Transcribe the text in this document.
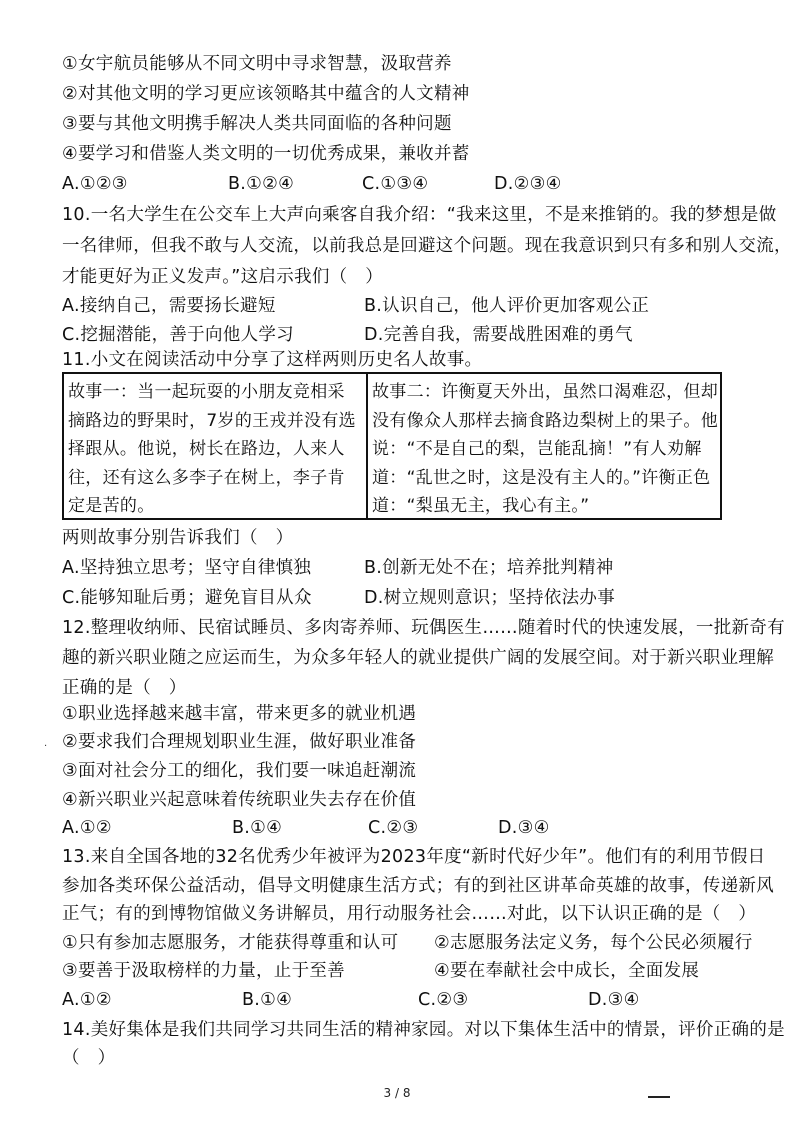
①女宇航员能够从不同文明中寻求智慧，汲取营养
②对其他文明的学习更应该领略其中蕴含的人文精神
③要与其他文明携手解决人类共同面临的各种问题
④要学习和借鉴人类文明的一切优秀成果，兼收并蓄
A.①②③	B.①②④	C.①③④	D.②③④
10.一名大学生在公交车上大声向乘客自我介绍：“我来这里，不是来推销的。我的梦想是做
一名律师，但我不敢与人交流，以前我总是回避这个问题。现在我意识到只有多和别人交流，
才能更好为正义发声。”这启示我们（　）
A.接纳自己，需要扬长避短	B.认识自己，他人评价更加客观公正
C.挖掘潜能，善于向他人学习	D.完善自我，需要战胜困难的勇气
11.小文在阅读活动中分享了这样两则历史名人故事。
故事一：当一起玩耍的小朋友竞相采摘路边的野果时，7岁的王戎并没有选择跟从。他说，树长在路边，人来人往，还有这么多李子在树上，李子肯定是苦的。
故事二：许衡夏天外出，虽然口渴难忍，但却没有像众人那样去摘食路边梨树上的果子。他说：“不是自己的梨，岂能乱摘！”有人劝解道：“乱世之时，这是没有主人的。”许衡正色道：“梨虽无主，我心有主。”
两则故事分别告诉我们（　）
A.坚持独立思考；坚守自律慎独	B.创新无处不在；培养批判精神
C.能够知耻后勇；避免盲目从众	D.树立规则意识；坚持依法办事
12.整理收纳师、民宿试睡员、多肉寄养师、玩偶医生……随着时代的快速发展，一批新奇有
趣的新兴职业随之应运而生，为众多年轻人的就业提供广阔的发展空间。对于新兴职业理解
正确的是（　）
①职业选择越来越丰富，带来更多的就业机遇
②要求我们合理规划职业生涯，做好职业准备
③面对社会分工的细化，我们要一味追赶潮流
④新兴职业兴起意味着传统职业失去存在价值
A.①②	B.①④	C.②③	D.③④
13.来自全国各地的32名优秀少年被评为2023年度“新时代好少年”。他们有的利用节假日
参加各类环保公益活动，倡导文明健康生活方式；有的到社区讲革命英雄的故事，传递新风
正气；有的到博物馆做义务讲解员，用行动服务社会……对此，以下认识正确的是（　）
①只有参加志愿服务，才能获得尊重和认可 ②志愿服务法定义务，每个公民必须履行
③要善于汲取榜样的力量，止于至善	④要在奉献社会中成长，全面发展
A.①②	B.①④	C.②③	D.③④
14.美好集体是我们共同学习共同生活的精神家园。对以下集体生活中的情景，评价正确的是
（　）
·
3 / 8
